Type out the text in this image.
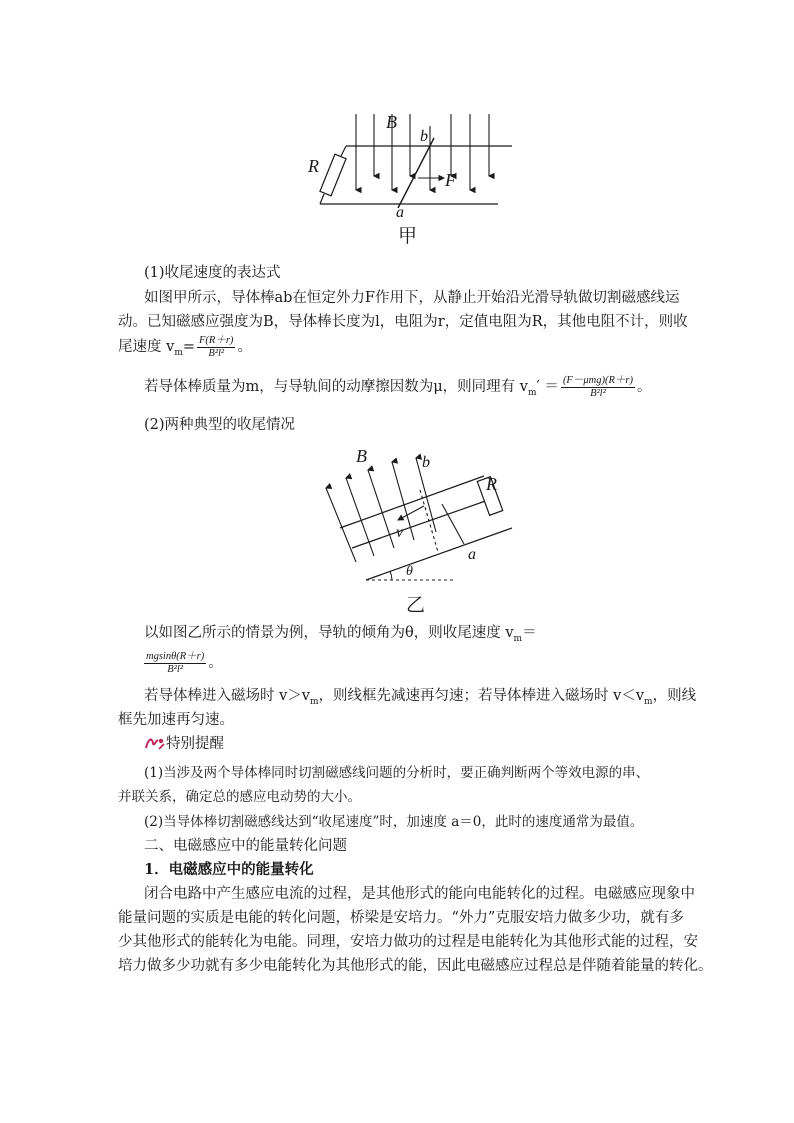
B
b
R
F
a
甲
(1)收尾速度的表达式
如图甲所示，导体棒ab在恒定外力F作用下，从静止开始沿光滑导轨做切割磁感线运
动。已知磁感应强度为B，导体棒长度为l，电阻为r，定值电阻为R，其他电阻不计，则收
尾速度 $v_m= \frac{F(R+r)}{\text{B²l²}}$ 。
若导体棒质量为m，与导轨间的动摩擦因数为μ，则同理有 $v_m' = \frac{\text{(F－μmg)(R＋r)}}{\text{B²l²}}$ 。
(2)两种典型的收尾情况
B	b
R
v
a
θ
乙
以如图乙所示的情景为例，导轨的倾角为θ，则收尾速度 $v_m=$
$\frac{mgsin\theta(R+r)}{\text{B²l²}}$ 。
若导体棒进入磁场时 $v>v_m$，则线框先减速再匀速；若导体棒进入磁场时 $v<v_m$，则线
框先加速再匀速。
特别提醒
(1)当涉及两个导体棒同时切割磁感线问题的分析时，要正确判断两个等效电源的串、
并联关系，确定总的感应电动势的大小。
(2)当导体棒切割磁感线达到“收尾速度”时，加速度 a＝0，此时的速度通常为最值。
二、电磁感应中的能量转化问题
1．电磁感应中的能量转化
闭合电路中产生感应电流的过程，是其他形式的能向电能转化的过程。电磁感应现象中
能量问题的实质是电能的转化问题，桥梁是安培力。“外力”克服安培力做多少功，就有多
少其他形式的能转化为电能。同理，安培力做功的过程是电能转化为其他形式能的过程，安
培力做多少功就有多少电能转化为其他形式的能，因此电磁感应过程总是伴随着能量的转化。
